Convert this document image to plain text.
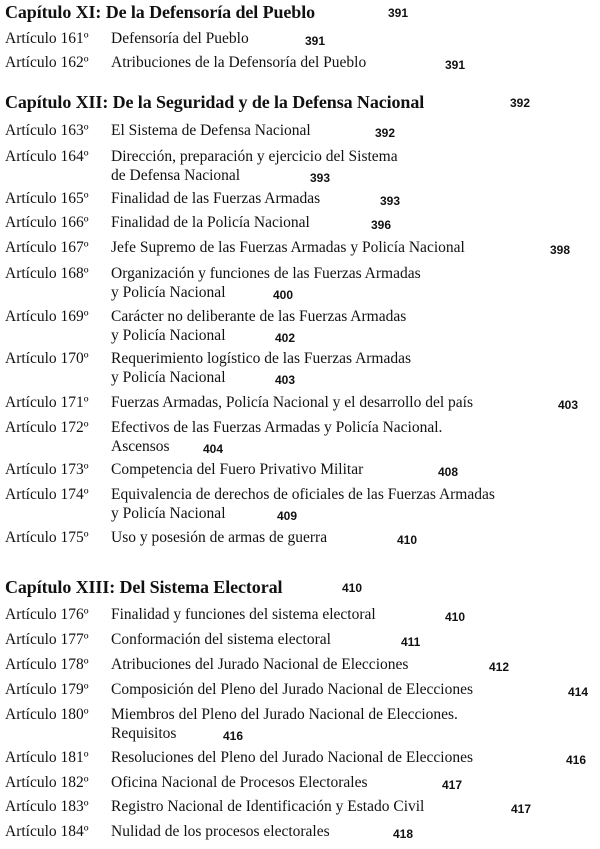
Capítulo XI: De la Defensoría del Pueblo	391
Artículo 161º Defensoría del Pueblo	391
Artículo 162º Atribuciones de la Defensoría del Pueblo	391
Capítulo XII: De la Seguridad y de la Defensa Nacional	392
Artículo 163º El Sistema de Defensa Nacional	392
Artículo 164º Dirección, preparación y ejercicio del Sistema
de Defensa Nacional	393
Artículo 165º Finalidad de las Fuerzas Armadas	393
Artículo 166º Finalidad de la Policía Nacional	396
Artículo 167º Jefe Supremo de las Fuerzas Armadas y Policía Nacional	398
Artículo 168º Organización y funciones de las Fuerzas Armadas
y Policía Nacional	400
Artículo 169º Carácter no deliberante de las Fuerzas Armadas
y Policía Nacional	402
Artículo 170º Requerimiento logístico de las Fuerzas Armadas
y Policía Nacional	403
Artículo 171º Fuerzas Armadas, Policía Nacional y el desarrollo del país	403
Artículo 172º Efectivos de las Fuerzas Armadas y Policía Nacional.
Ascensos	404
Artículo 173º Competencia del Fuero Privativo Militar	408
Artículo 174º Equivalencia de derechos de oficiales de las Fuerzas Armadas
y Policía Nacional	409
Artículo 175º Uso y posesión de armas de guerra	410
Capítulo XIII: Del Sistema Electoral	410
Artículo 176º Finalidad y funciones del sistema electoral	410
Artículo 177º Conformación del sistema electoral	411
Artículo 178º Atribuciones del Jurado Nacional de Elecciones	412
Artículo 179º Composición del Pleno del Jurado Nacional de Elecciones	414
Artículo 180º Miembros del Pleno del Jurado Nacional de Elecciones.
Requisitos	416
Artículo 181º Resoluciones del Pleno del Jurado Nacional de Elecciones	416
Artículo 182º Oficina Nacional de Procesos Electorales	417
Artículo 183º Registro Nacional de Identificación y Estado Civil	417
Artículo 184º Nulidad de los procesos electorales	418
